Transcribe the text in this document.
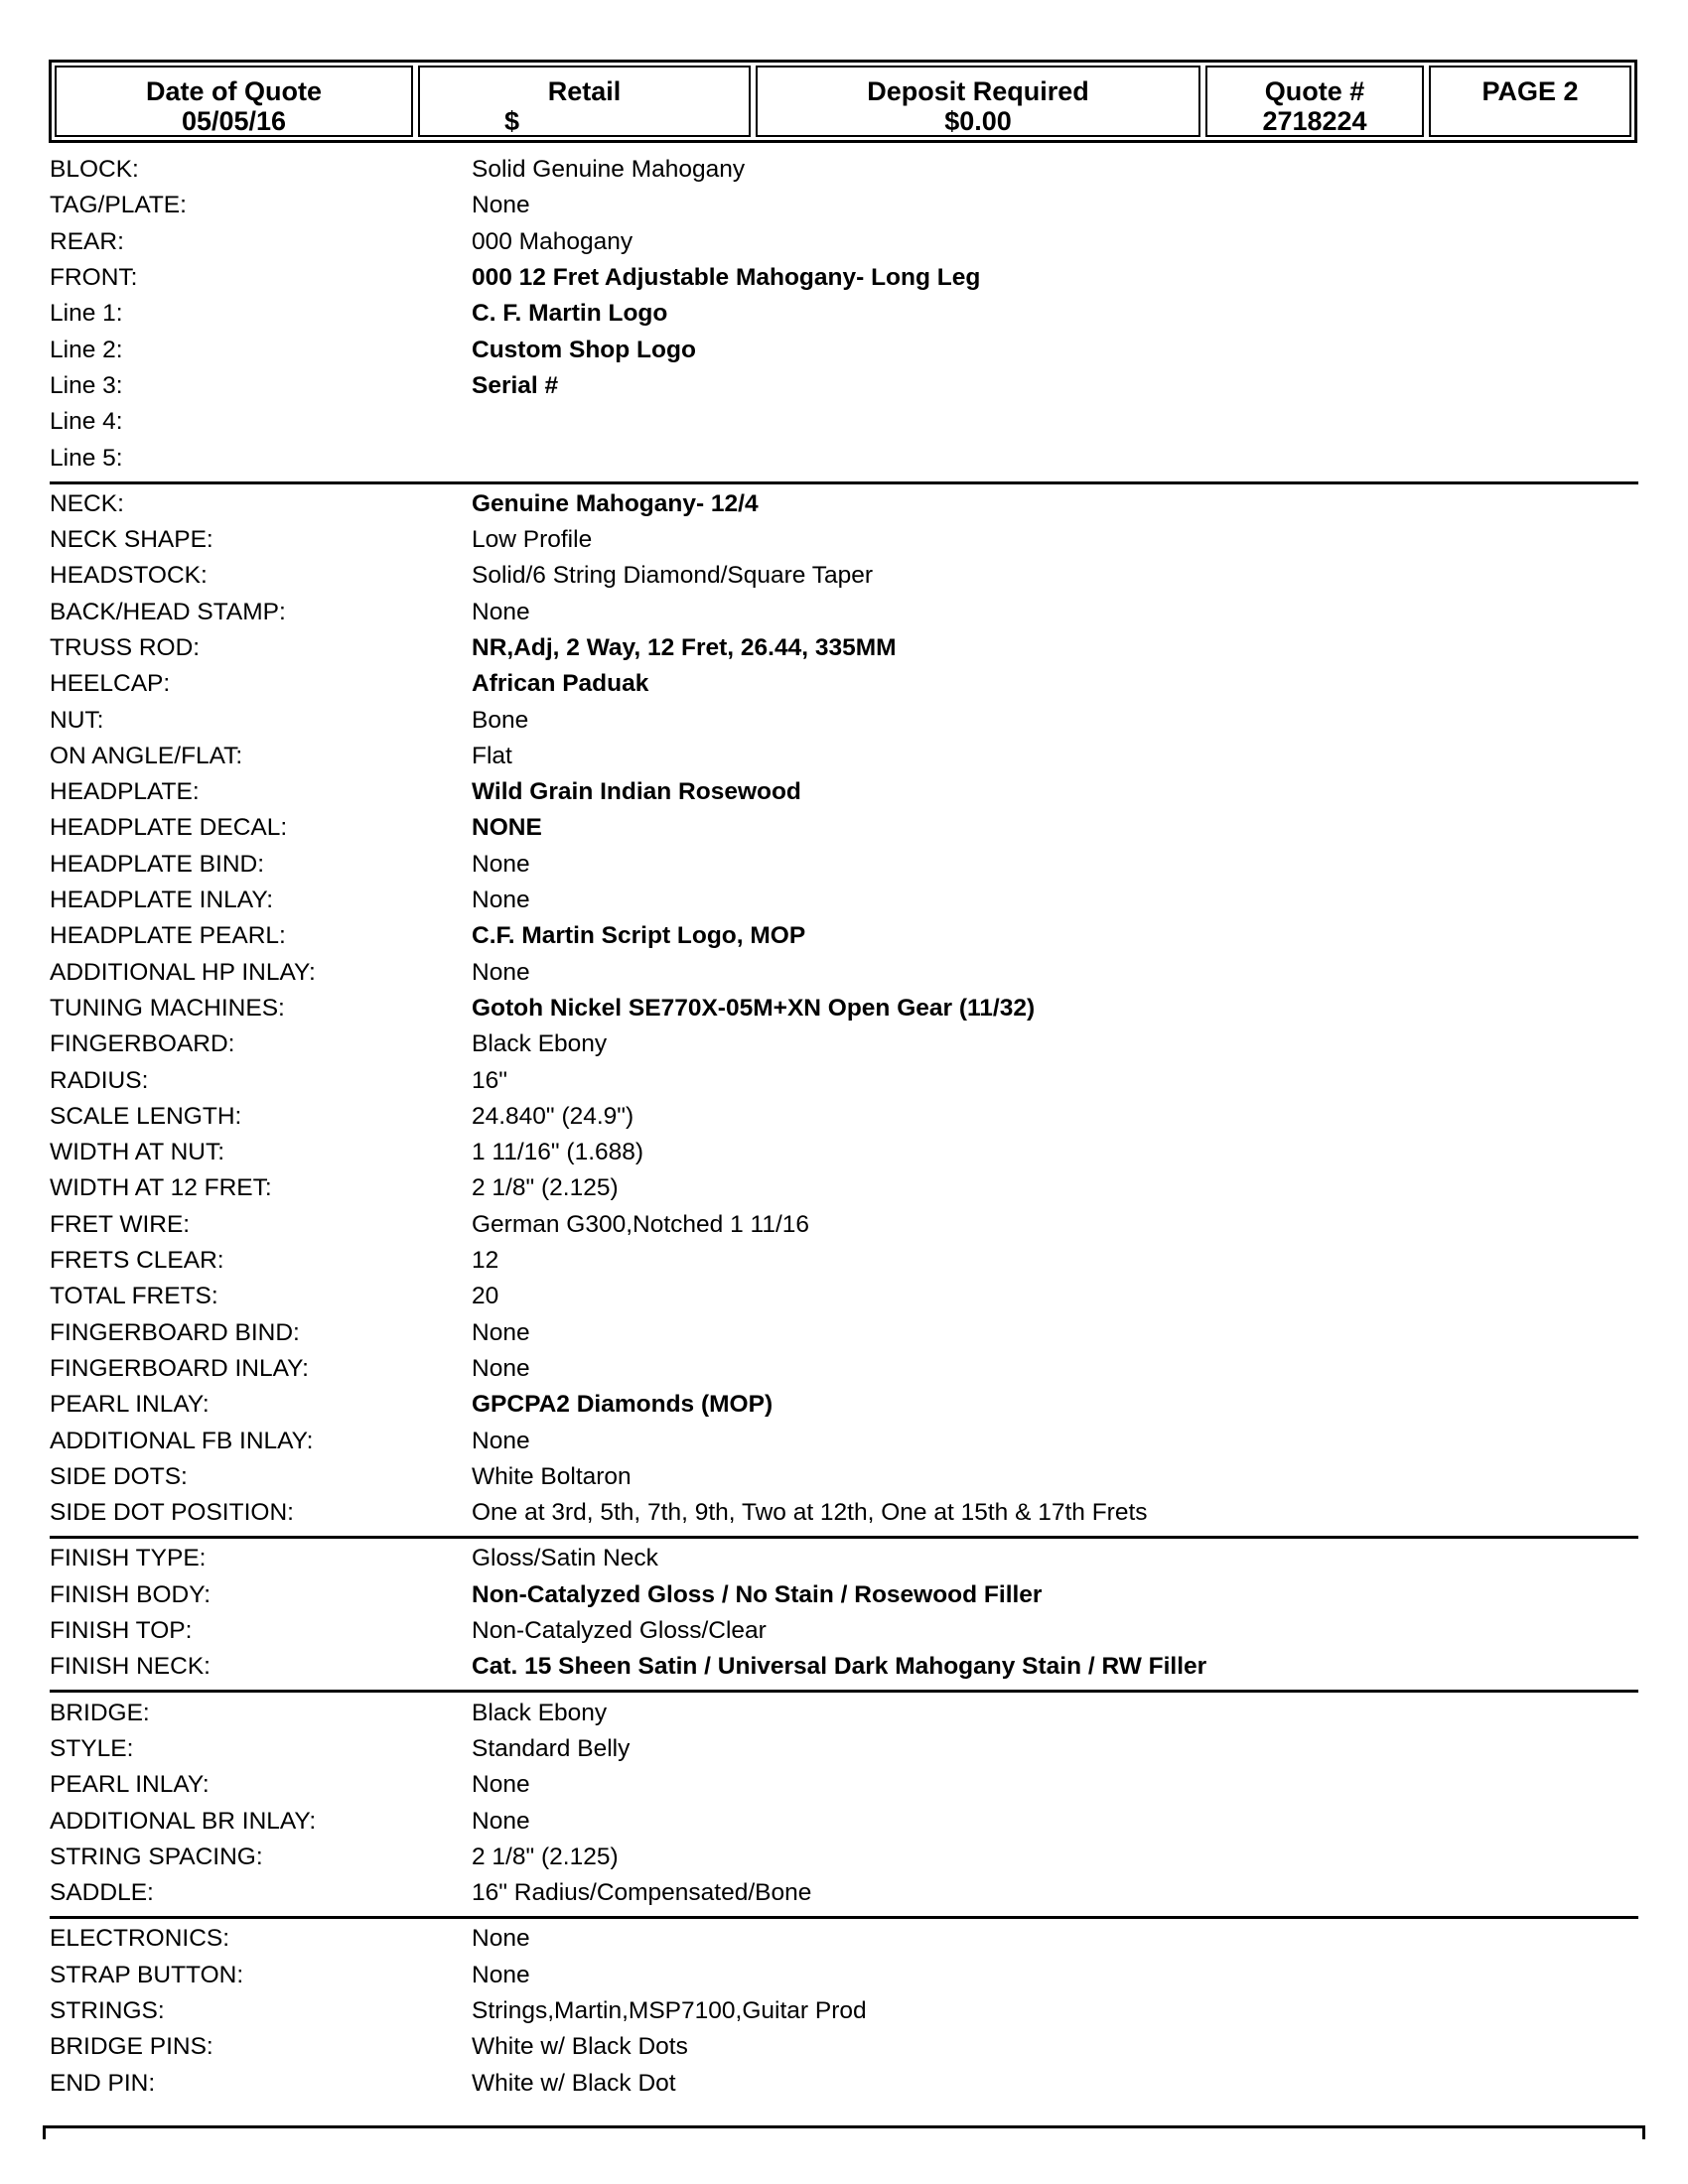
Date of Quote
05/05/16
Retail
$
Deposit Required
$0.00
Quote #
2718224
PAGE 2
BLOCK:	Solid Genuine Mahogany
TAG/PLATE:	None
REAR:	000 Mahogany
FRONT:	000 12 Fret Adjustable Mahogany- Long Leg
Line 1:	C. F. Martin Logo
Line 2:	Custom Shop Logo
Line 3:	Serial #
Line 4:
Line 5:
NECK:	Genuine Mahogany- 12/4
NECK SHAPE:	Low Profile
HEADSTOCK:	Solid/6 String Diamond/Square Taper
BACK/HEAD STAMP:	None
TRUSS ROD:	NR,Adj, 2 Way, 12 Fret, 26.44, 335MM
HEELCAP:	African Paduak
NUT:	Bone
ON ANGLE/FLAT:	Flat
HEADPLATE:	Wild Grain Indian Rosewood
HEADPLATE DECAL:	NONE
HEADPLATE BIND:	None
HEADPLATE INLAY:	None
HEADPLATE PEARL:	C.F. Martin Script Logo, MOP
ADDITIONAL HP INLAY:	None
TUNING MACHINES:	Gotoh Nickel SE770X-05M+XN Open Gear (11/32)
FINGERBOARD:	Black Ebony
RADIUS:	16"
SCALE LENGTH:	24.840" (24.9")
WIDTH AT NUT:	1 11/16" (1.688)
WIDTH AT 12 FRET:	2 1/8" (2.125)
FRET WIRE:	German G300,Notched 1 11/16
FRETS CLEAR:	12
TOTAL FRETS:	20
FINGERBOARD BIND:	None
FINGERBOARD INLAY:	None
PEARL INLAY:	GPCPA2 Diamonds (MOP)
ADDITIONAL FB INLAY:	None
SIDE DOTS:	White Boltaron
SIDE DOT POSITION:	One at 3rd, 5th, 7th, 9th, Two at 12th, One at 15th & 17th Frets
FINISH TYPE:	Gloss/Satin Neck
FINISH BODY:	Non-Catalyzed Gloss / No Stain / Rosewood Filler
FINISH TOP:	Non-Catalyzed Gloss/Clear
FINISH NECK:	Cat. 15 Sheen Satin / Universal Dark Mahogany Stain / RW Filler
BRIDGE:	Black Ebony
STYLE:	Standard Belly
PEARL INLAY:	None
ADDITIONAL BR INLAY:	None
STRING SPACING:	2 1/8" (2.125)
SADDLE:	16" Radius/Compensated/Bone
ELECTRONICS:	None
STRAP BUTTON:	None
STRINGS:	Strings,Martin,MSP7100,Guitar Prod
BRIDGE PINS:	White w/ Black Dots
END PIN:	White w/ Black Dot
